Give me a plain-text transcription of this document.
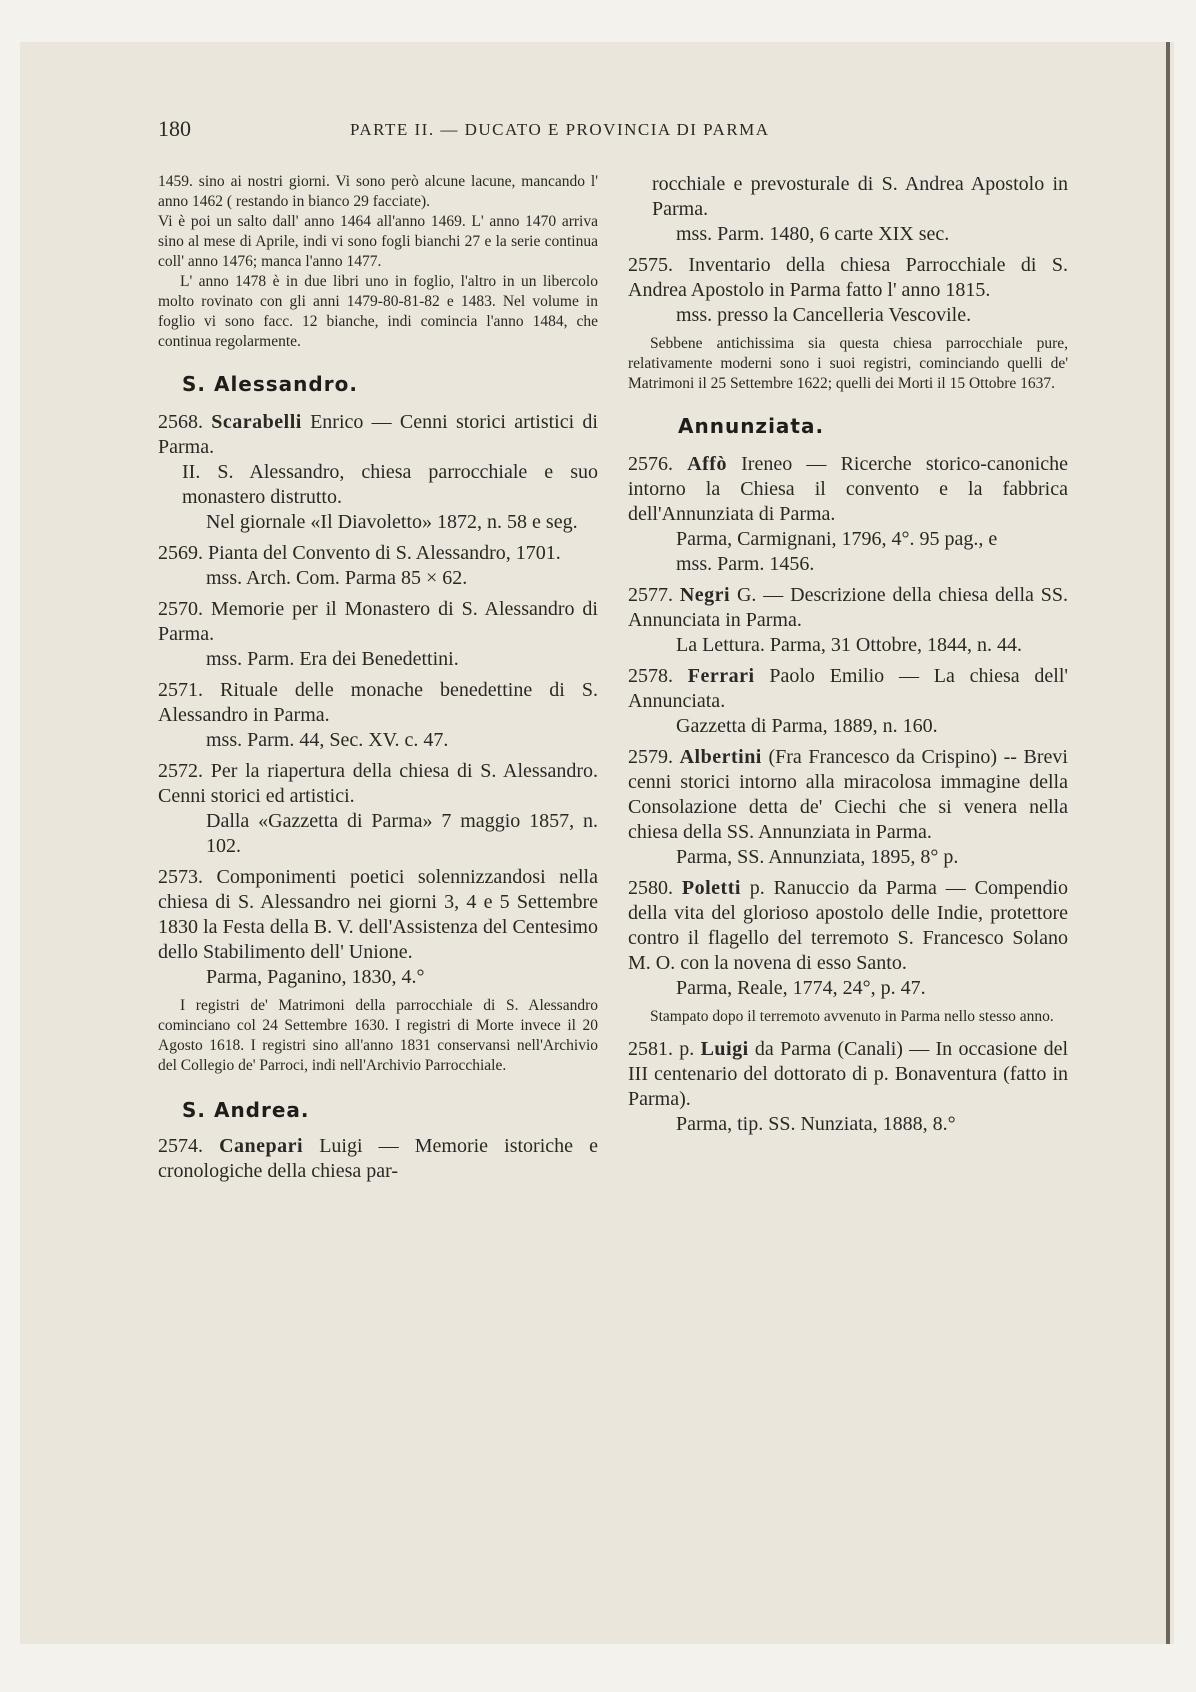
180	PARTE II. — DUCATO E PROVINCIA DI PARMA

1459. sino ai nostri giorni. Vi sono però alcune lacune, mancando l' anno 1462 ( restando in bianco 29 facciate).

Vi è poi un salto dall' anno 1464 all'anno 1469. L' anno 1470 arriva sino al mese di Aprile, indi vi sono fogli bianchi 27 e la serie continua coll' anno 1476; manca l'anno 1477.

L' anno 1478 è in due libri uno in foglio, l'altro in un libercolo molto rovinato con gli anni 1479-80-81-82 e 1483. Nel volume in foglio vi sono facc. 12 bianche, indi comincia l'anno 1484, che continua regolarmente.

S. Alessandro.
2568. Scarabelli Enrico — Cenni storici artistici di Parma.
II. S. Alessandro, chiesa parrocchiale e suo monastero distrutto.
Nel giornale «Il Diavoletto» 1872, n. 58 e seg.
2569. Pianta del Convento di S. Alessandro, 1701.
mss. Arch. Com. Parma 85 × 62.
2570. Memorie per il Monastero di S. Alessandro di Parma.
mss. Parm. Era dei Benedettini.
2571. Rituale delle monache benedettine di S. Alessandro in Parma.
mss. Parm. 44, Sec. XV. c. 47.
2572. Per la riapertura della chiesa di S. Alessandro. Cenni storici ed artistici.
Dalla «Gazzetta di Parma» 7 maggio 1857, n. 102.
2573. Componimenti poetici solennizzandosi nella chiesa di S. Alessandro nei giorni 3, 4 e 5 Settembre 1830 la Festa della B. V. dell'Assistenza del Centesimo dello Stabilimento dell' Unione.
Parma, Paganino, 1830, 4.°

I registri de' Matrimoni della parrocchiale di S. Alessandro cominciano col 24 Settembre 1630. I registri di Morte invece il 20 Agosto 1618. I registri sino all'anno 1831 conservansi nell'Archivio del Collegio de' Parroci, indi nell'Archivio Parrocchiale.

S. Andrea.
2574. Canepari Luigi — Memorie istoriche e cronologiche della chiesa par-
rocchiale e prevosturale di S. Andrea Apostolo in Parma.
mss. Parm. 1480, 6 carte XIX sec.
2575. Inventario della chiesa Parrocchiale di S. Andrea Apostolo in Parma fatto l' anno 1815.
mss. presso la Cancelleria Vescovile.

Sebbene antichissima sia questa chiesa parrocchiale pure, relativamente moderni sono i suoi registri, cominciando quelli de' Matrimoni il 25 Settembre 1622; quelli dei Morti il 15 Ottobre 1637.

Annunziata.
2576. Affò Ireneo — Ricerche storico-canoniche intorno la Chiesa il convento e la fabbrica dell'Annunziata di Parma.
Parma, Carmignani, 1796, 4°. 95 pag., e
mss. Parm. 1456.
2577. Negri G. — Descrizione della chiesa della SS. Annunciata in Parma.
La Lettura. Parma, 31 Ottobre, 1844, n. 44.
2578. Ferrari Paolo Emilio — La chiesa dell' Annunciata.
Gazzetta di Parma, 1889, n. 160.
2579. Albertini (Fra Francesco da Crispino) -- Brevi cenni storici intorno alla miracolosa immagine della Consolazione detta de' Ciechi che si venera nella chiesa della SS. Annunziata in Parma.
Parma, SS. Annunziata, 1895, 8° p.
2580. Poletti p. Ranuccio da Parma — Compendio della vita del glorioso apostolo delle Indie, protettore contro il flagello del terremoto S. Francesco Solano M. O. con la novena di esso Santo.
Parma, Reale, 1774, 24°, p. 47.

Stampato dopo il terremoto avvenuto in Parma nello stesso anno.

2581. p. Luigi da Parma (Canali) — In occasione del III centenario del dottorato di p. Bonaventura (fatto in Parma).
Parma, tip. SS. Nunziata, 1888, 8.°
